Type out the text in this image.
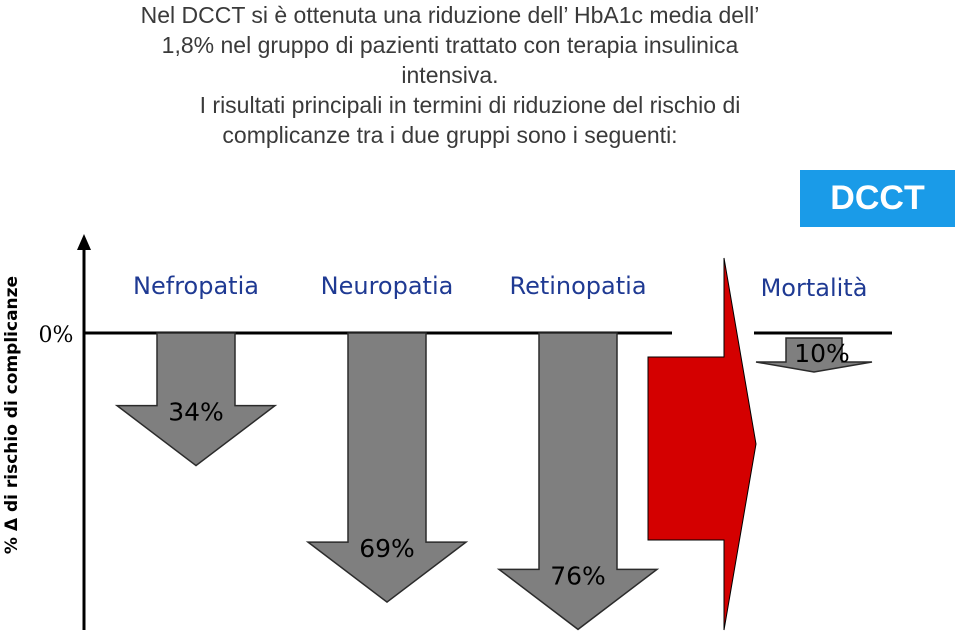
Nel DCCT si è ottenuta una riduzione dell’ HbA1c media dell’
1,8% nel gruppo di pazienti trattato con terapia insulinica
intensiva.
I risultati principali in termini di riduzione del rischio di
complicanze tra i due gruppi sono i seguenti:
DCCT
% Δ di rischio di complicanze 0%
Nefropatia	Neuropatia Retinopatia	Mortalità
34%
69%
76%
10%
